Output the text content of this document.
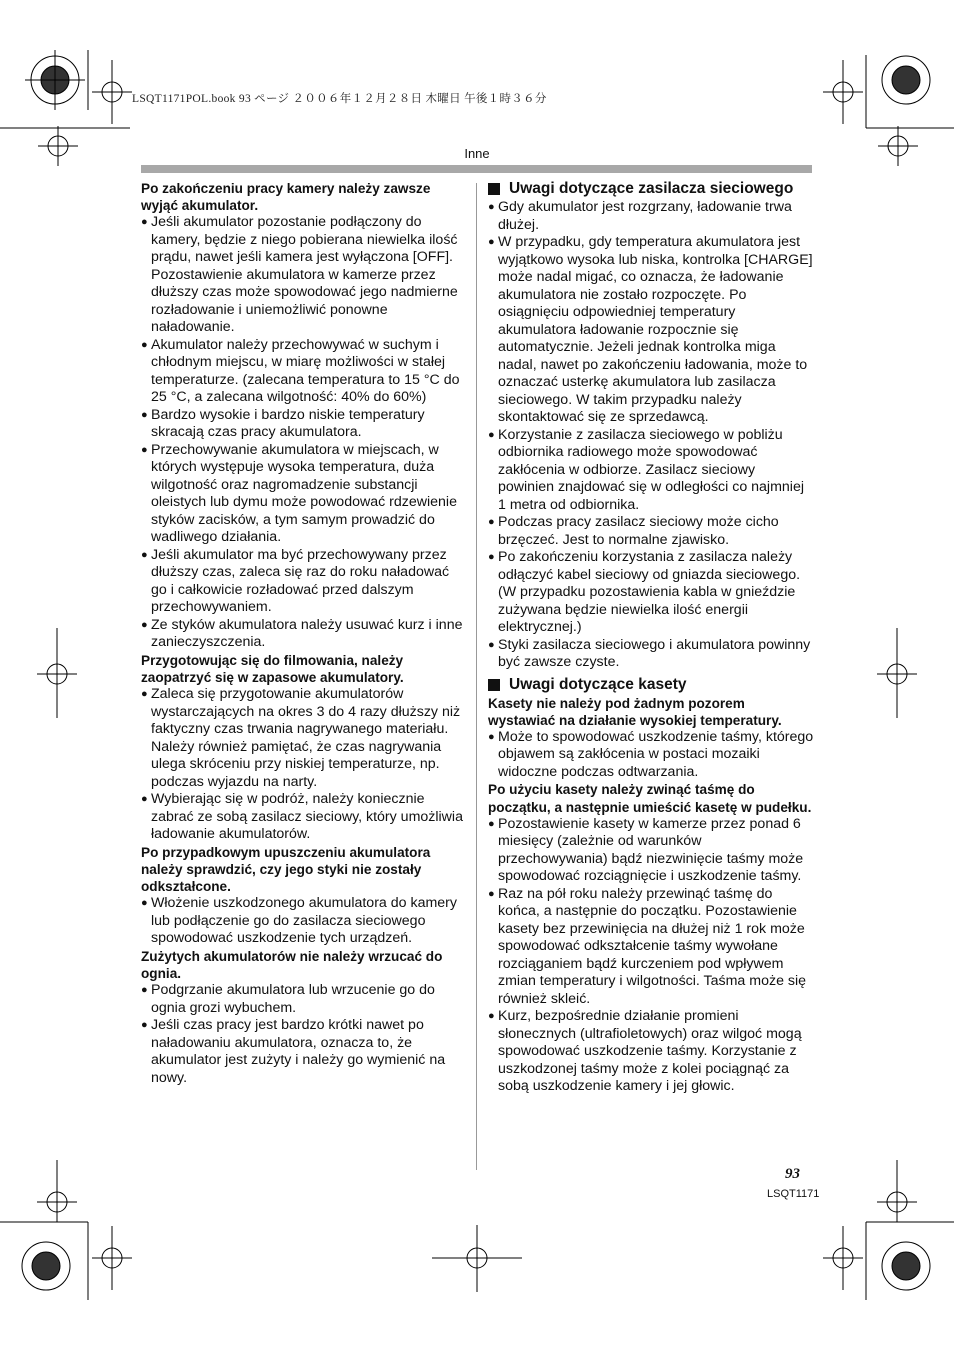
LSQT1171POL.book 93 ページ ２００６年１２月２８日 木曜日 午後１時３６分
Inne

Po zakończeniu pracy kamery należy zawsze wyjąć akumulator.

● Jeśli akumulator pozostanie podłączony do kamery, będzie z niego pobierana niewielka ilość prądu, nawet jeśli kamera jest wyłączona [OFF]. Pozostawienie akumulatora w kamerze przez dłuższy czas może spowodować jego nadmierne rozładowanie i uniemożliwić ponowne naładowanie.

● Akumulator należy przechowywać w suchym i chłodnym miejscu, w miarę możliwości w stałej temperaturze. (zalecana temperatura to 15 °C do 25 °C, a zalecana wilgotność: 40% do 60%)

● Bardzo wysokie i bardzo niskie temperatury skracają czas pracy akumulatora.

● Przechowywanie akumulatora w miejscach, w których występuje wysoka temperatura, duża wilgotność oraz nagromadzenie substancji oleistych lub dymu może powodować rdzewienie styków zacisków, a tym samym prowadzić do wadliwego działania.

● Jeśli akumulator ma być przechowywany przez dłuższy czas, zaleca się raz do roku naładować go i całkowicie rozładować przed dalszym przechowywaniem.

● Ze styków akumulatora należy usuwać kurz i inne zanieczyszczenia.

Przygotowując się do filmowania, należy zaopatrzyć się w zapasowe akumulatory.

● Zaleca się przygotowanie akumulatorów wystarczających na okres 3 do 4 razy dłuższy niż faktyczny czas trwania nagrywanego materiału. Należy również pamiętać, że czas nagrywania ulega skróceniu przy niskiej temperaturze, np. podczas wyjazdu na narty.

● Wybierając się w podróż, należy koniecznie zabrać ze sobą zasilacz sieciowy, który umożliwia ładowanie akumulatorów.

Po przypadkowym upuszczeniu akumulatora należy sprawdzić, czy jego styki nie zostały odkształcone.

● Włożenie uszkodzonego akumulatora do kamery lub podłączenie go do zasilacza sieciowego spowodować uszkodzenie tych urządzeń.

Zużytych akumulatorów nie należy wrzucać do ognia.

● Podgrzanie akumulatora lub wrzucenie go do ognia grozi wybuchem.

● Jeśli czas pracy jest bardzo krótki nawet po naładowaniu akumulatora, oznacza to, że akumulator jest zużyty i należy go wymienić na nowy.

Uwagi dotyczące zasilacza sieciowego

● Gdy akumulator jest rozgrzany, ładowanie trwa dłużej.

● W przypadku, gdy temperatura akumulatora jest wyjątkowo wysoka lub niska, kontrolka [CHARGE] może nadal migać, co oznacza, że ładowanie akumulatora nie zostało rozpoczęte. Po osiągnięciu odpowiedniej temperatury akumulatora ładowanie rozpocznie się automatycznie. Jeżeli jednak kontrolka miga nadal, nawet po zakończeniu ładowania, może to oznaczać usterkę akumulatora lub zasilacza sieciowego. W takim przypadku należy skontaktować się ze sprzedawcą.

● Korzystanie z zasilacza sieciowego w pobliżu odbiornika radiowego może spowodować zakłócenia w odbiorze. Zasilacz sieciowy powinien znajdować się w odległości co najmniej 1 metra od odbiornika.

● Podczas pracy zasilacz sieciowy może cicho brzęczeć. Jest to normalne zjawisko.

● Po zakończeniu korzystania z zasilacza należy odłączyć kabel sieciowy od gniazda sieciowego. (W przypadku pozostawienia kabla w gnieździe zużywana będzie niewielka ilość energii elektrycznej.)

● Styki zasilacza sieciowego i akumulatora powinny być zawsze czyste.

Uwagi dotyczące kasety

Kasety nie należy pod żadnym pozorem wystawiać na działanie wysokiej temperatury.

● Może to spowodować uszkodzenie taśmy, którego objawem są zakłócenia w postaci mozaiki widoczne podczas odtwarzania.

Po użyciu kasety należy zwinąć taśmę do początku, a następnie umieścić kasetę w pudełku.

● Pozostawienie kasety w kamerze przez ponad 6 miesięcy (zależnie od warunków przechowywania) bądź niezwinięcie taśmy może spowodować rozciągnięcie i uszkodzenie taśmy.

● Raz na pół roku należy przewinąć taśmę do końca, a następnie do początku. Pozostawienie kasety bez przewinięcia na dłużej niż 1 rok może spowodować odkształcenie taśmy wywołane rozciąganiem bądź kurczeniem pod wpływem zmian temperatury i wilgotności. Taśma może się również skleić.

● Kurz, bezpośrednie działanie promieni słonecznych (ultrafioletowych) oraz wilgoć mogą spowodować uszkodzenie taśmy. Korzystanie z uszkodzonej taśmy może z kolei pociągnąć za sobą uszkodzenie kamery i jej głowic.

93
LSQT1171
